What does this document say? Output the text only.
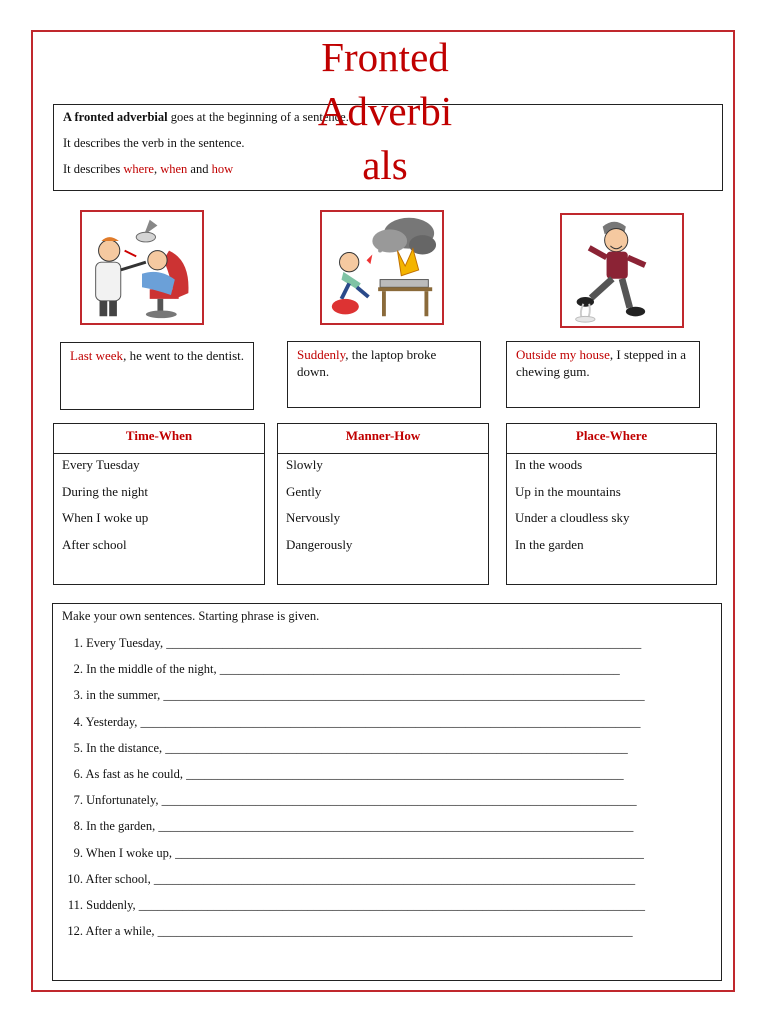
Fronted
Adverbi
als

A fronted adverbial goes at the beginning of a sentence.

It describes the verb in the sentence.

It describes where, when and how

Last week, he went to the dentist.	Suddenly, the laptop broke down.
Outside my house, I stepped in a chewing gum.
Time-When
Every Tuesday
During the night
When I woke up
After school
Manner-How
Slowly
Gently
Nervously
Dangerously
Place-Where
In the woods
Up in the mountains
Under a cloudless sky
In the garden

Make your own sentences. Starting phrase is given.

1. Every Tuesday, ____________________________________________________________________________
2. In the middle of the night, ________________________________________________________________
3. in the summer, _____________________________________________________________________________
4. Yesterday, ________________________________________________________________________________
5. In the distance, __________________________________________________________________________
6. As fast as he could, ______________________________________________________________________
7. Unfortunately, ____________________________________________________________________________
8. In the garden, ____________________________________________________________________________
9. When I woke up, ___________________________________________________________________________
10. After school, _____________________________________________________________________________
11. Suddenly, _________________________________________________________________________________
12. After a while, ____________________________________________________________________________
